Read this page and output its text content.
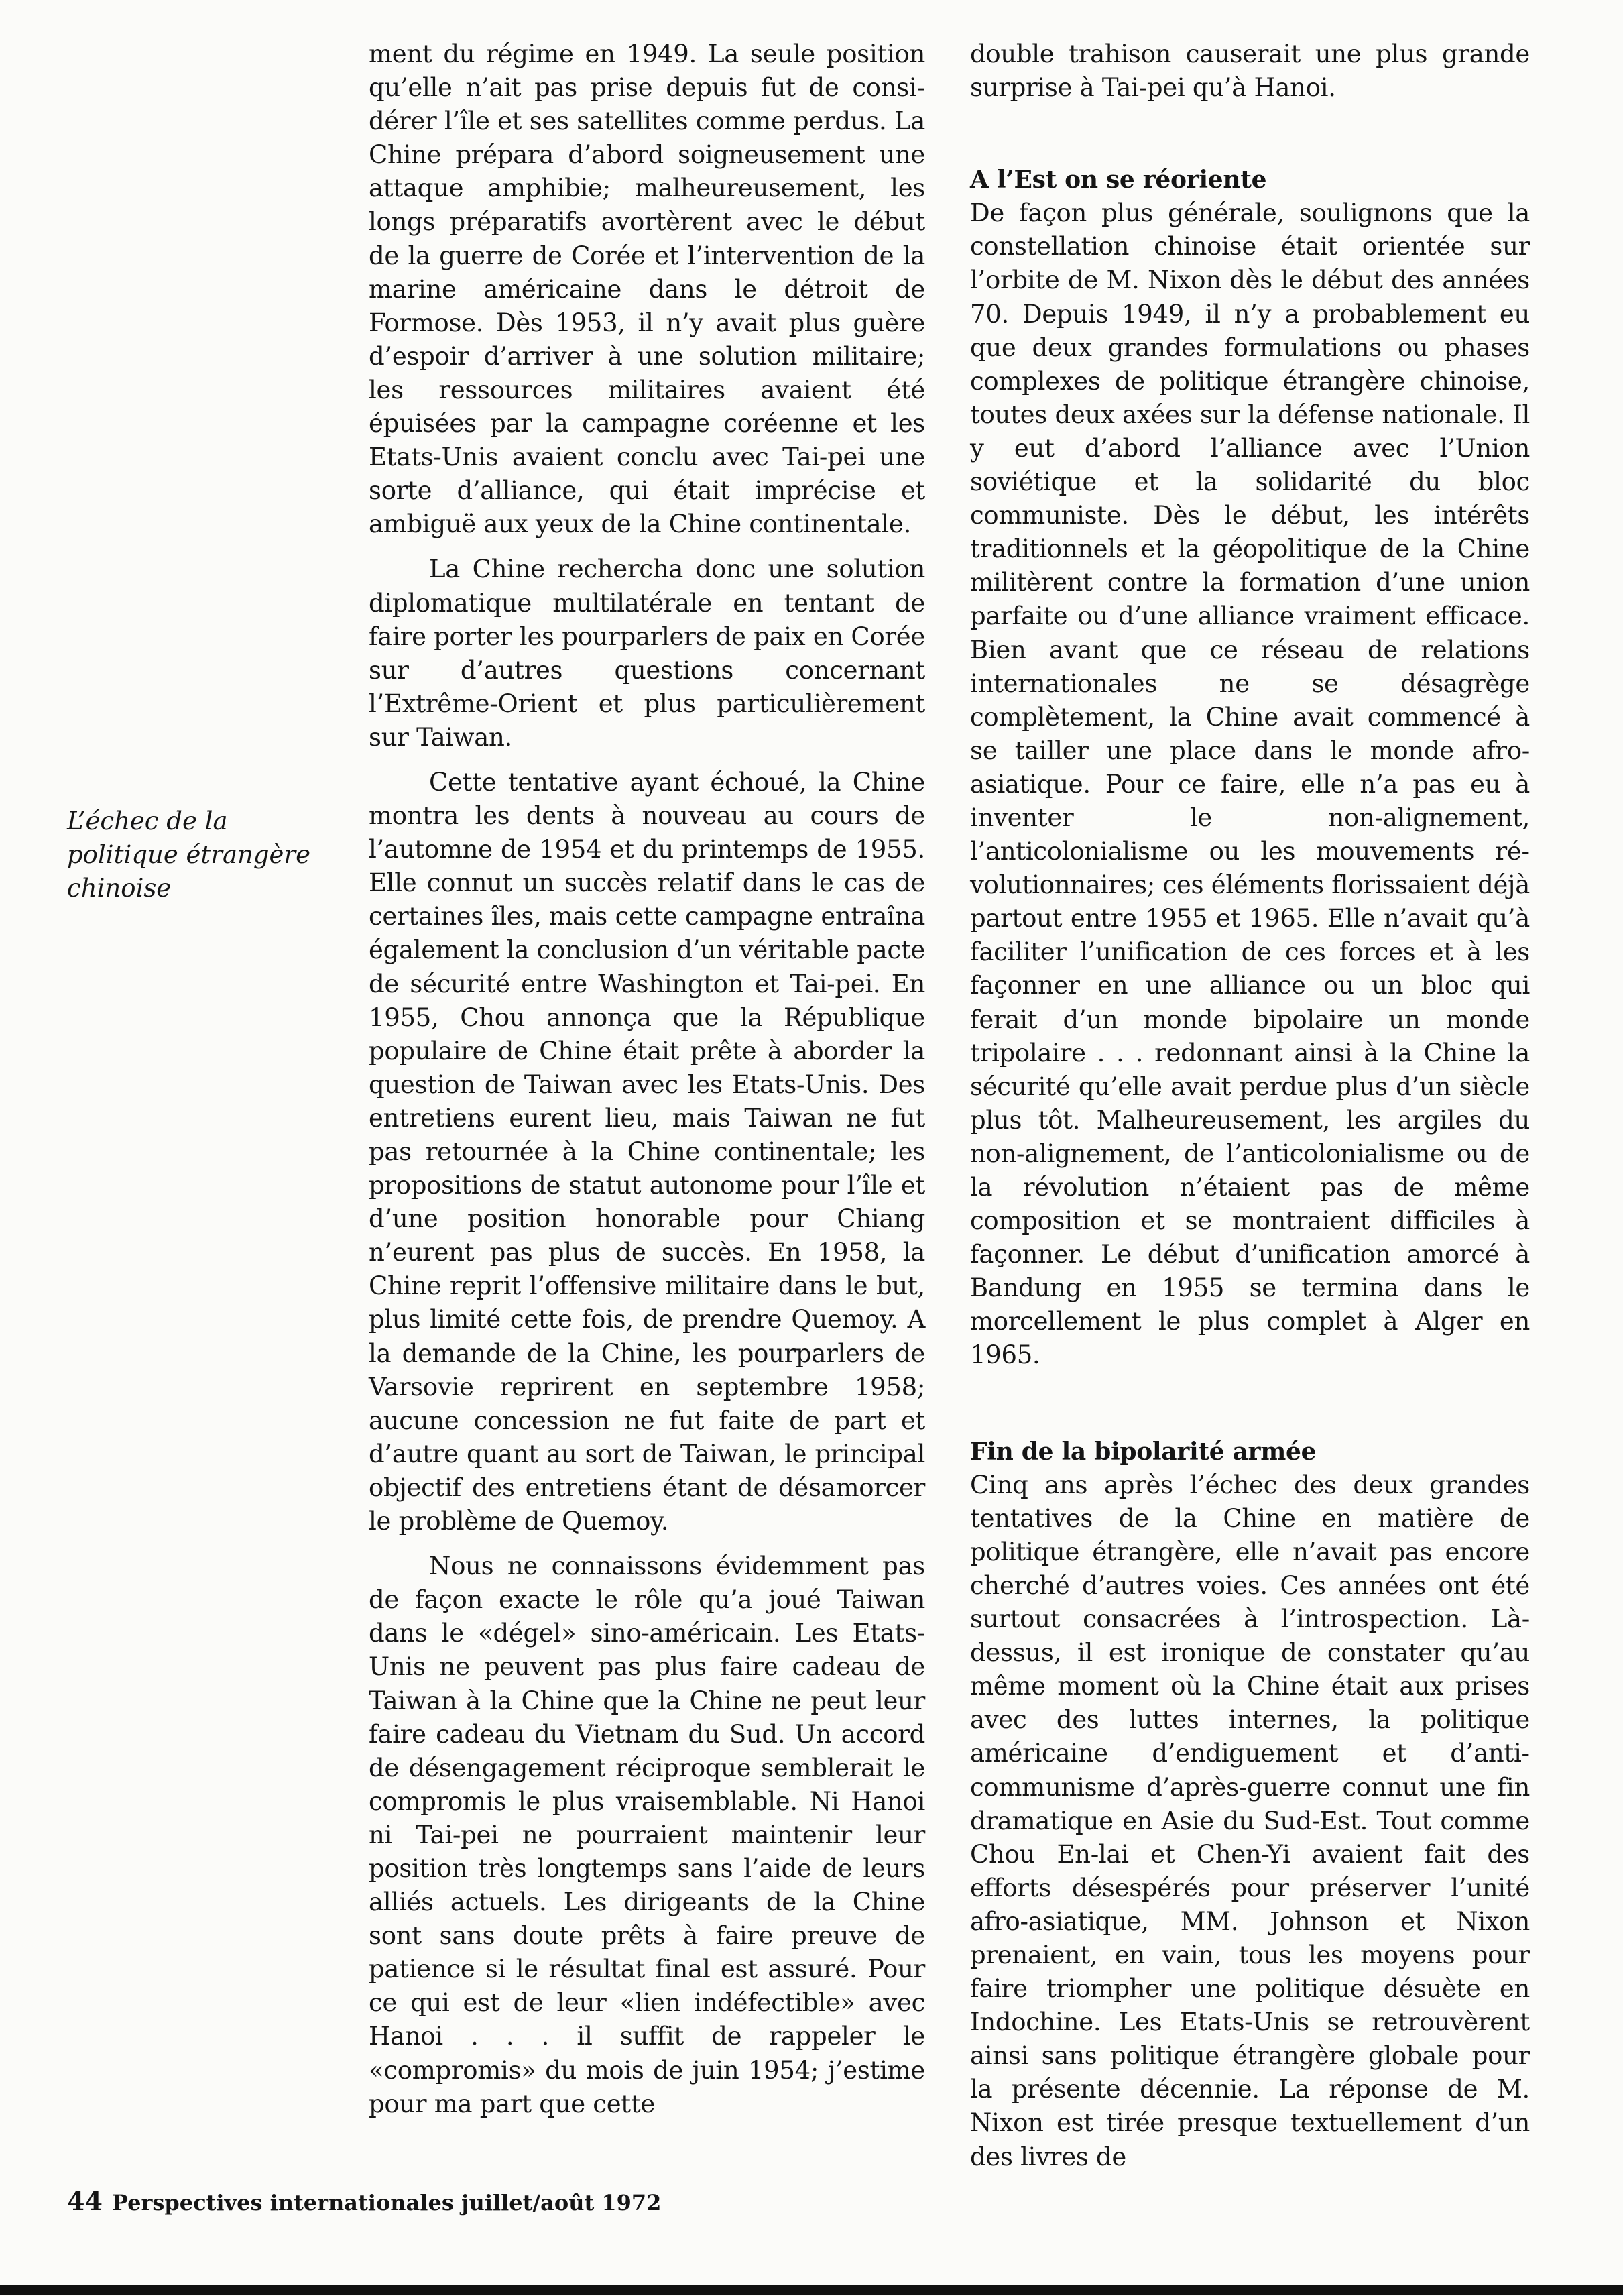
L’échec de la politique étrangère chinoise

ment du régime en 1949. La seule position qu’elle n’ait pas prise depuis fut de considérer l’île et ses satellites comme perdus. La Chine prépara d’abord soigneusement une attaque amphibie; malheureusement, les longs préparatifs avortèrent avec le début de la guerre de Corée et l’intervention de la marine américaine dans le détroit de Formose. Dès 1953, il n’y avait plus guère d’espoir d’arriver à une solution militaire; les ressources militaires avaient été épuisées par la campagne coréenne et les Etats-Unis avaient conclu avec Tai-pei une sorte d’alliance, qui était imprécise et ambiguë aux yeux de la Chine continentale.

La Chine rechercha donc une solution diplomatique multilatérale en tentant de faire porter les pourparlers de paix en Corée sur d’autres questions concernant l’Extrême-Orient et plus particulièrement sur Taiwan.

Cette tentative ayant échoué, la Chine montra les dents à nouveau au cours de l’automne de 1954 et du printemps de 1955. Elle connut un succès relatif dans le cas de certaines îles, mais cette campagne entraîna également la conclusion d’un véritable pacte de sécurité entre Washington et Tai-pei. En 1955, Chou annonça que la République populaire de Chine était prête à aborder la question de Taiwan avec les Etats-Unis. Des entretiens eurent lieu, mais Taiwan ne fut pas retournée à la Chine continentale; les propositions de statut autonome pour l’île et d’une position honorable pour Chiang n’eurent pas plus de succès. En 1958, la Chine reprit l’offensive militaire dans le but, plus limité cette fois, de prendre Quemoy. A la demande de la Chine, les pourparlers de Varsovie reprirent en septembre 1958; aucune concession ne fut faite de part et d’autre quant au sort de Taiwan, le principal objectif des entretiens étant de désamorcer le problème de Quemoy.

Nous ne connaissons évidemment pas de façon exacte le rôle qu’a joué Taiwan dans le «dégel» sino-américain. Les Etats-Unis ne peuvent pas plus faire cadeau de Taiwan à la Chine que la Chine ne peut leur faire cadeau du Vietnam du Sud. Un accord de désengagement réciproque semblerait le compromis le plus vraisemblable. Ni Hanoi ni Tai-pei ne pourraient maintenir leur position très longtemps sans l’aide de leurs alliés actuels. Les dirigeants de la Chine sont sans doute prêts à faire preuve de patience si le résultat final est assuré. Pour ce qui est de leur «lien indéfectible» avec Hanoi . . . il suffit de rappeler le «compromis» du mois de juin 1954; j’estime pour ma part que cette

double trahison causerait une plus grande surprise à Tai-pei qu’à Hanoi.

A l’Est on se réoriente

De façon plus générale, soulignons que la constellation chinoise était orientée sur l’orbite de M. Nixon dès le début des années 70. Depuis 1949, il n’y a probablement eu que deux grandes formulations ou phases complexes de politique étrangère chinoise, toutes deux axées sur la défense nationale. Il y eut d’abord l’alliance avec l’Union soviétique et la solidarité du bloc communiste. Dès le début, les intérêts traditionnels et la géopolitique de la Chine militèrent contre la formation d’une union parfaite ou d’une alliance vraiment efficace. Bien avant que ce réseau de relations internationales ne se désagrège complètement, la Chine avait commencé à se tailler une place dans le monde afro-asiatique. Pour ce faire, elle n’a pas eu à inventer le non-alignement, l’anticolonialisme ou les mouvements révolutionnaires; ces éléments florissaient déjà partout entre 1955 et 1965. Elle n’avait qu’à faciliter l’unification de ces forces et à les façonner en une alliance ou un bloc qui ferait d’un monde bipolaire un monde tripolaire . . . redonnant ainsi à la Chine la sécurité qu’elle avait perdue plus d’un siècle plus tôt. Malheureusement, les argiles du non-alignement, de l’anticolonialisme ou de la révolution n’étaient pas de même composition et se montraient difficiles à façonner. Le début d’unification amorcé à Bandung en 1955 se termina dans le morcellement le plus complet à Alger en 1965.

Fin de la bipolarité armée

Cinq ans après l’échec des deux grandes tentatives de la Chine en matière de politique étrangère, elle n’avait pas encore cherché d’autres voies. Ces années ont été surtout consacrées à l’introspection. Là-dessus, il est ironique de constater qu’au même moment où la Chine était aux prises avec des luttes internes, la politique américaine d’endiguement et d’anticommunisme d’après-guerre connut une fin dramatique en Asie du Sud-Est. Tout comme Chou En-lai et Chen-Yi avaient fait des efforts désespérés pour préserver l’unité afro-asiatique, MM. Johnson et Nixon prenaient, en vain, tous les moyens pour faire triompher une politique désuète en Indochine. Les Etats-Unis se retrouvèrent ainsi sans politique étrangère globale pour la présente décennie. La réponse de M. Nixon est tirée presque textuellement d’un des livres de

44 Perspectives internationales juillet/août 1972
